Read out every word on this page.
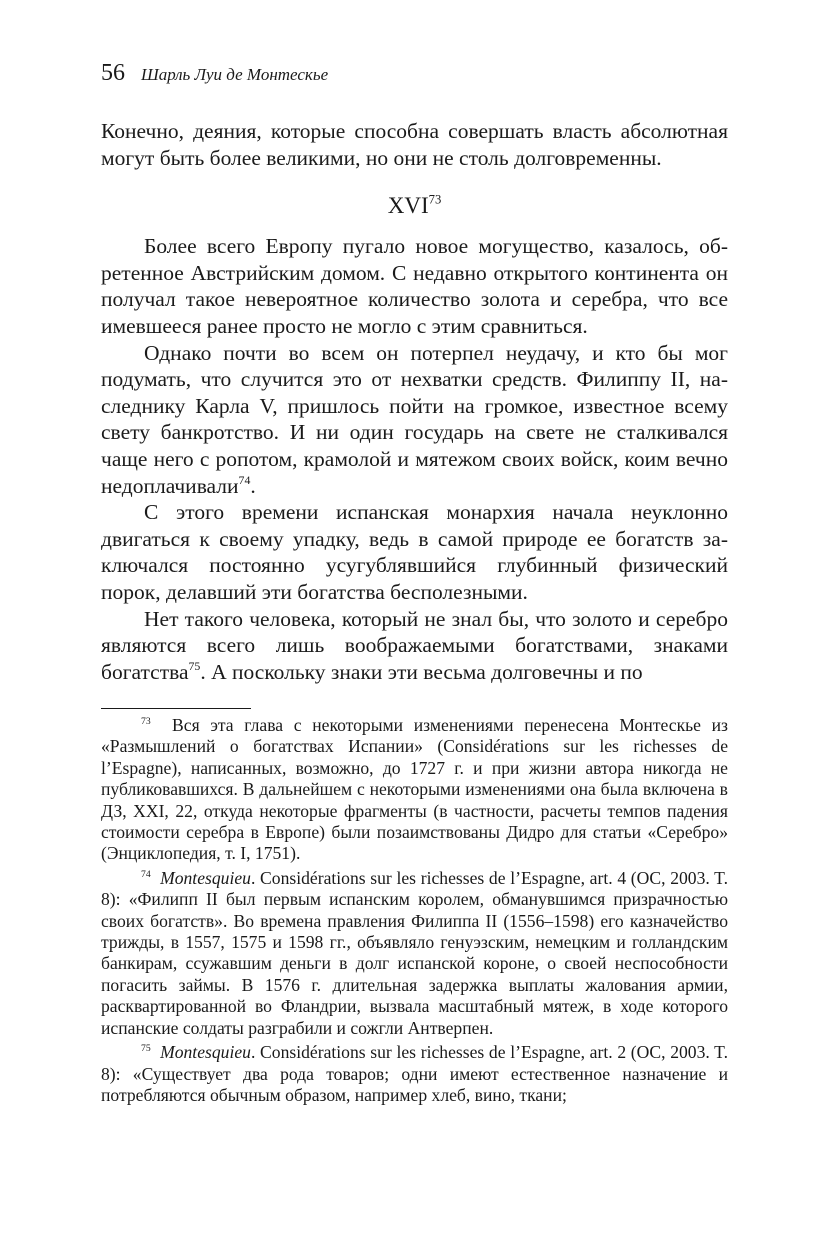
56 Шарль Луи де Монтескье

Конечно, деяния, которые способна совершать власть абсолютная могут быть более великими, но они не столь долговременны.

XVI$^{73}$

Более всего Европу пугало новое могущество, казалось, обретенное Австрийским домом. С недавно открытого континента он получал такое невероятное количество золота и серебра, что все имевшееся ранее просто не могло с этим сравниться.

Однако почти во всем он потерпел неудачу, и кто бы мог подумать, что случится это от нехватки средств. Филиппу II, наследнику Карла V, пришлось пойти на громкое, известное всему свету банкротство. И ни один государь на свете не сталкивался чаще него с ропотом, крамолой и мятежом своих войск, коим вечно недоплачивали$^{74}$.

С этого времени испанская монархия начала неуклонно двигаться к своему упадку, ведь в самой природе ее богатств заключался постоянно усугублявшийся глубинный физический порок, делавший эти богатства бесполезными.

Нет такого человека, который не знал бы, что золото и серебро являются всего лишь воображаемыми богатствами, знаками богатства$^{75}$. А поскольку знаки эти весьма долговечны и по

$^{73}$ Вся эта глава с некоторыми изменениями перенесена Монтескье из «Размышлений о богатствах Испании» (Considérations sur les richesses de l’Espagne), написанных, возможно, до 1727 г. и при жизни автора никогда не публиковавшихся. В дальнейшем с некоторыми изменениями она была включена в ДЗ, XXI, 22, откуда некоторые фрагменты (в частности, расчеты темпов падения стоимости серебра в Европе) были позаимствованы Дидро для статьи «Серебро» (Энциклопедия, т. I, 1751).

$^{74}$ Montesquieu. Considérations sur les richesses de l’Espagne, art. 4 (OC, 2003. T. 8): «Филипп II был первым испанским королем, обманувшимся призрачностью своих богатств». Во времена правления Филиппа II (1556–1598) его казначейство трижды, в 1557, 1575 и 1598 гг., объявляло генуэзским, немецким и голландским банкирам, ссужавшим деньги в долг испанской короне, о своей неспособности погасить займы. В 1576 г. длительная задержка выплаты жалования армии, расквартированной во Фландрии, вызвала масштабный мятеж, в ходе которого испанские солдаты разграбили и сожгли Антверпен.

$^{75}$ Montesquieu. Considérations sur les richesses de l’Espagne, art. 2 (OC, 2003. T. 8): «Существует два рода товаров; одни имеют естественное назначение и потребляются обычным образом, например хлеб, вино, ткани;
